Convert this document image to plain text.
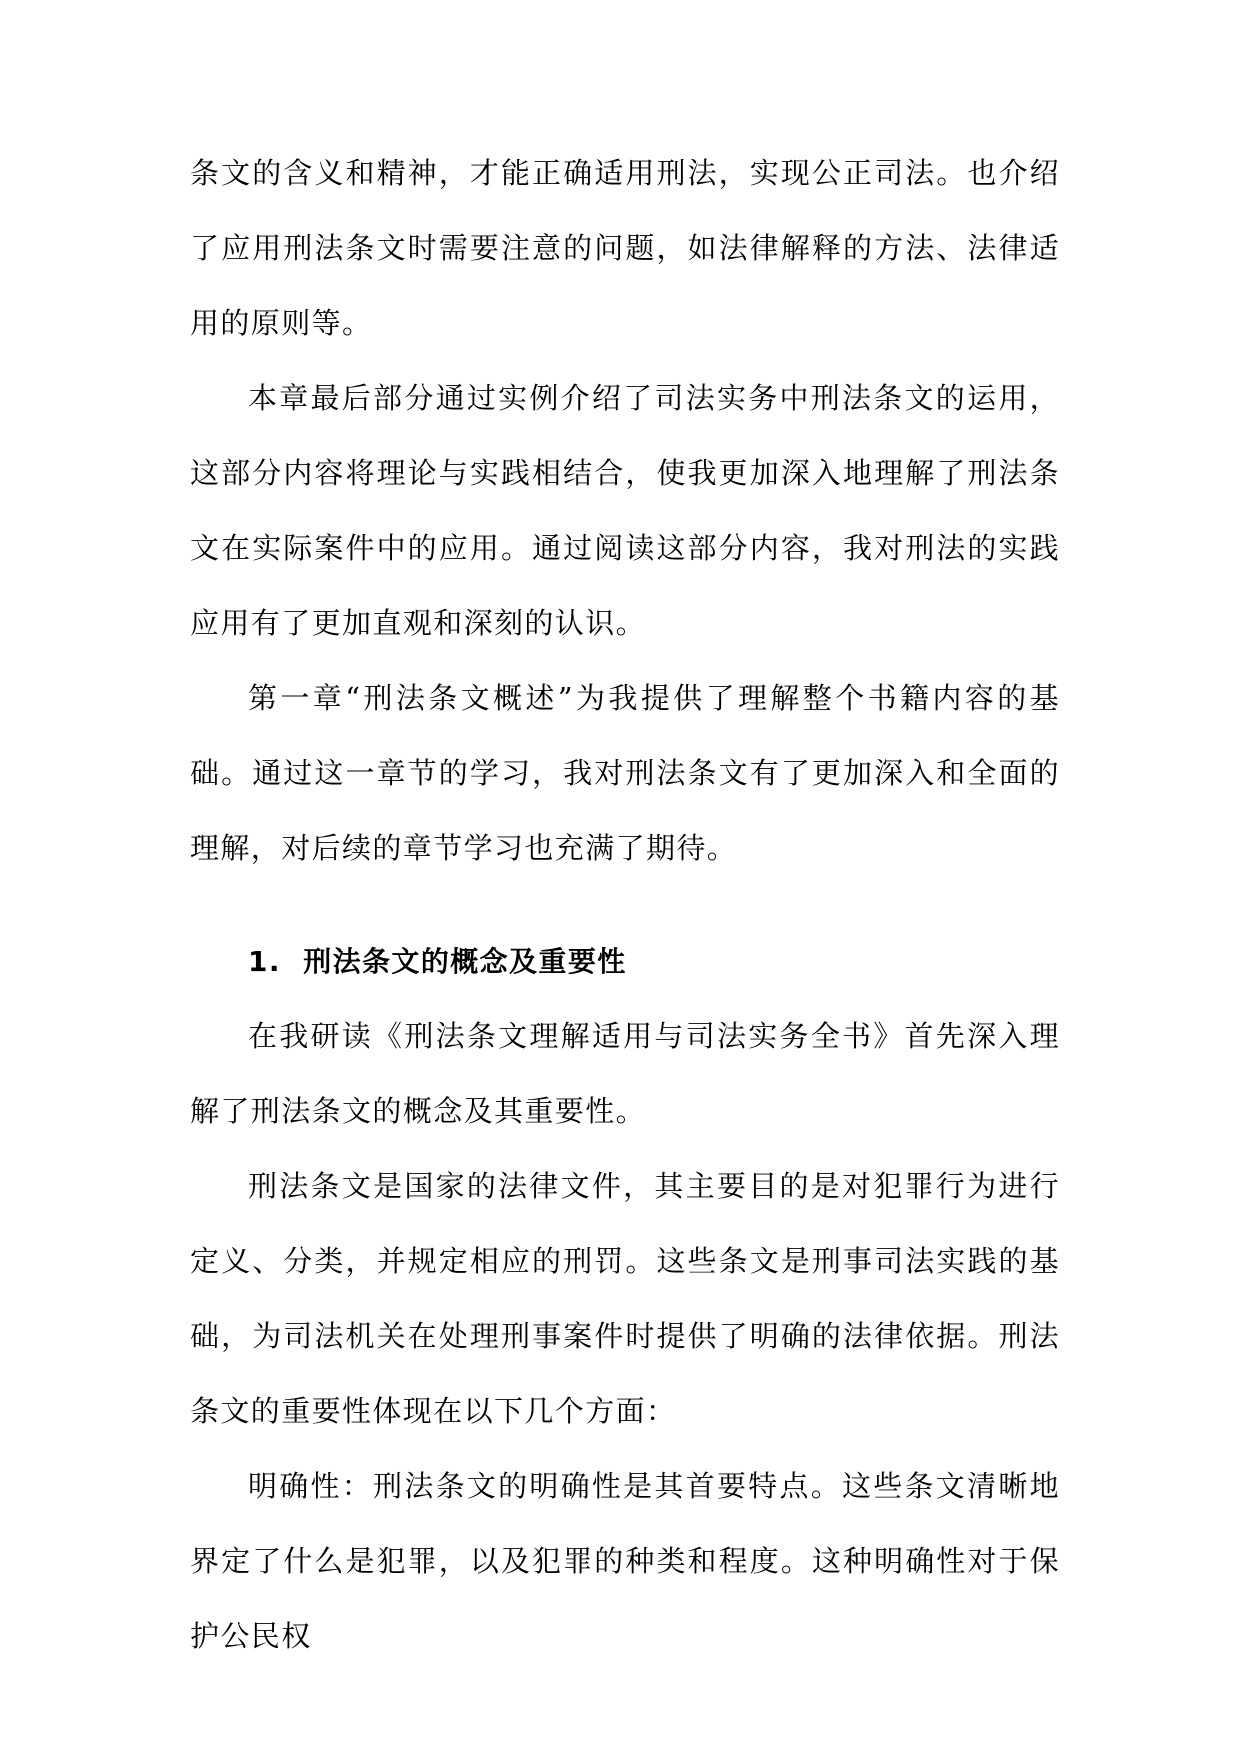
条文的含义和精神，才能正确适用刑法，实现公正司法。也介绍了应用刑法条文时需要注意的问题，如法律解释的方法、法律适用的原则等。

本章最后部分通过实例介绍了司法实务中刑法条文的运用，这部分内容将理论与实践相结合，使我更加深入地理解了刑法条文在实际案件中的应用。通过阅读这部分内容，我对刑法的实践应用有了更加直观和深刻的认识。

第一章“刑法条文概述”为我提供了理解整个书籍内容的基础。通过这一章节的学习，我对刑法条文有了更加深入和全面的理解，对后续的章节学习也充满了期待。

1. 刑法条文的概念及重要性

在我研读《刑法条文理解适用与司法实务全书》首先深入理解了刑法条文的概念及其重要性。

刑法条文是国家的法律文件，其主要目的是对犯罪行为进行定义、分类，并规定相应的刑罚。这些条文是刑事司法实践的基础，为司法机关在处理刑事案件时提供了明确的法律依据。刑法条文的重要性体现在以下几个方面：

明确性：刑法条文的明确性是其首要特点。这些条文清晰地界定了什么是犯罪，以及犯罪的种类和程度。这种明确性对于保护公民权
